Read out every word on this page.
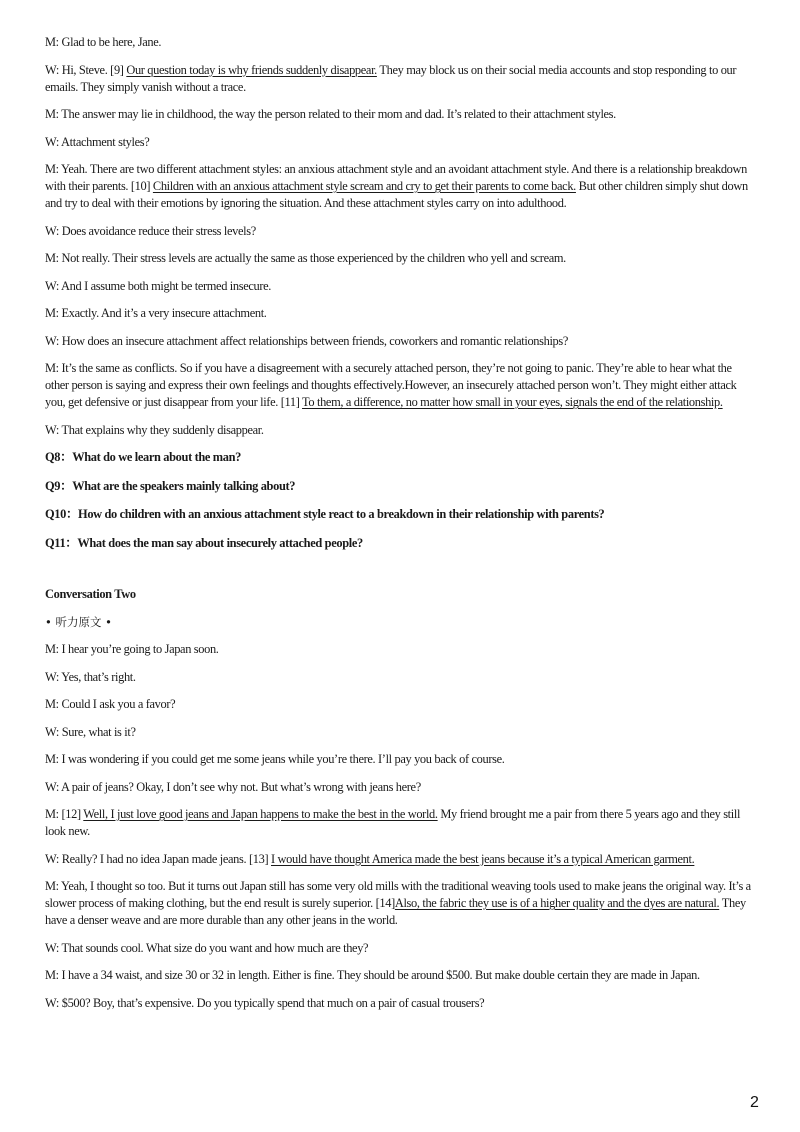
M: Glad to be here, Jane.
W: Hi, Steve. [9] Our question today is why friends suddenly disappear. They may block us on their social media accounts and stop responding to our emails. They simply vanish without a trace.
M: The answer may lie in childhood, the way the person related to their mom and dad. It’s related to their attachment styles.
W: Attachment styles?
M: Yeah. There are two different attachment styles: an anxious attachment style and an avoidant attachment style. And there is a relationship breakdown with their parents. [10] Children with an anxious attachment style scream and cry to get their parents to come back. But other children simply shut down and try to deal with their emotions by ignoring the situation. And these attachment styles carry on into adulthood.
W: Does avoidance reduce their stress levels?
M: Not really. Their stress levels are actually the same as those experienced by the children who yell and scream.
W: And I assume both might be termed insecure.
M: Exactly. And it’s a very insecure attachment.
W: How does an insecure attachment affect relationships between friends, coworkers and romantic relationships?
M: It’s the same as conflicts. So if you have a disagreement with a securely attached person, they’re not going to panic. They’re able to hear what the other person is saying and express their own feelings and thoughts effectively.However, an insecurely attached person won’t. They might either attack you, get defensive or just disappear from your life. [11] To them, a difference, no matter how small in your eyes, signals the end of the relationship.
W: That explains why they suddenly disappear.
Q8：What do we learn about the man?
Q9：What are the speakers mainly talking about?
Q10：How do children with an anxious attachment style react to a breakdown in their relationship with parents?
Q11：What does the man say about insecurely attached people?
Conversation Two
• 听力原文 •
M: I hear you’re going to Japan soon.
W: Yes, that’s right.
M: Could I ask you a favor?
W: Sure, what is it?
M: I was wondering if you could get me some jeans while you’re there. I’ll pay you back of course.
W: A pair of jeans? Okay, I don’t see why not. But what’s wrong with jeans here?
M: [12] Well, I just love good jeans and Japan happens to make the best in the world. My friend brought me a pair from there 5 years ago and they still look new.
W: Really? I had no idea Japan made jeans. [13] I would have thought America made the best jeans because it’s a typical American garment.
M: Yeah, I thought so too. But it turns out Japan still has some very old mills with the traditional weaving tools used to make jeans the original way. It’s a slower process of making clothing, but the end result is surely superior. [14]Also, the fabric they use is of a higher quality and the dyes are natural. They have a denser weave and are more durable than any other jeans in the world.
W: That sounds cool. What size do you want and how much are they?
M: I have a 34 waist, and size 30 or 32 in length. Either is fine. They should be around $500. But make double certain they are made in Japan.
W: $500? Boy, that’s expensive. Do you typically spend that much on a pair of casual trousers?
2
